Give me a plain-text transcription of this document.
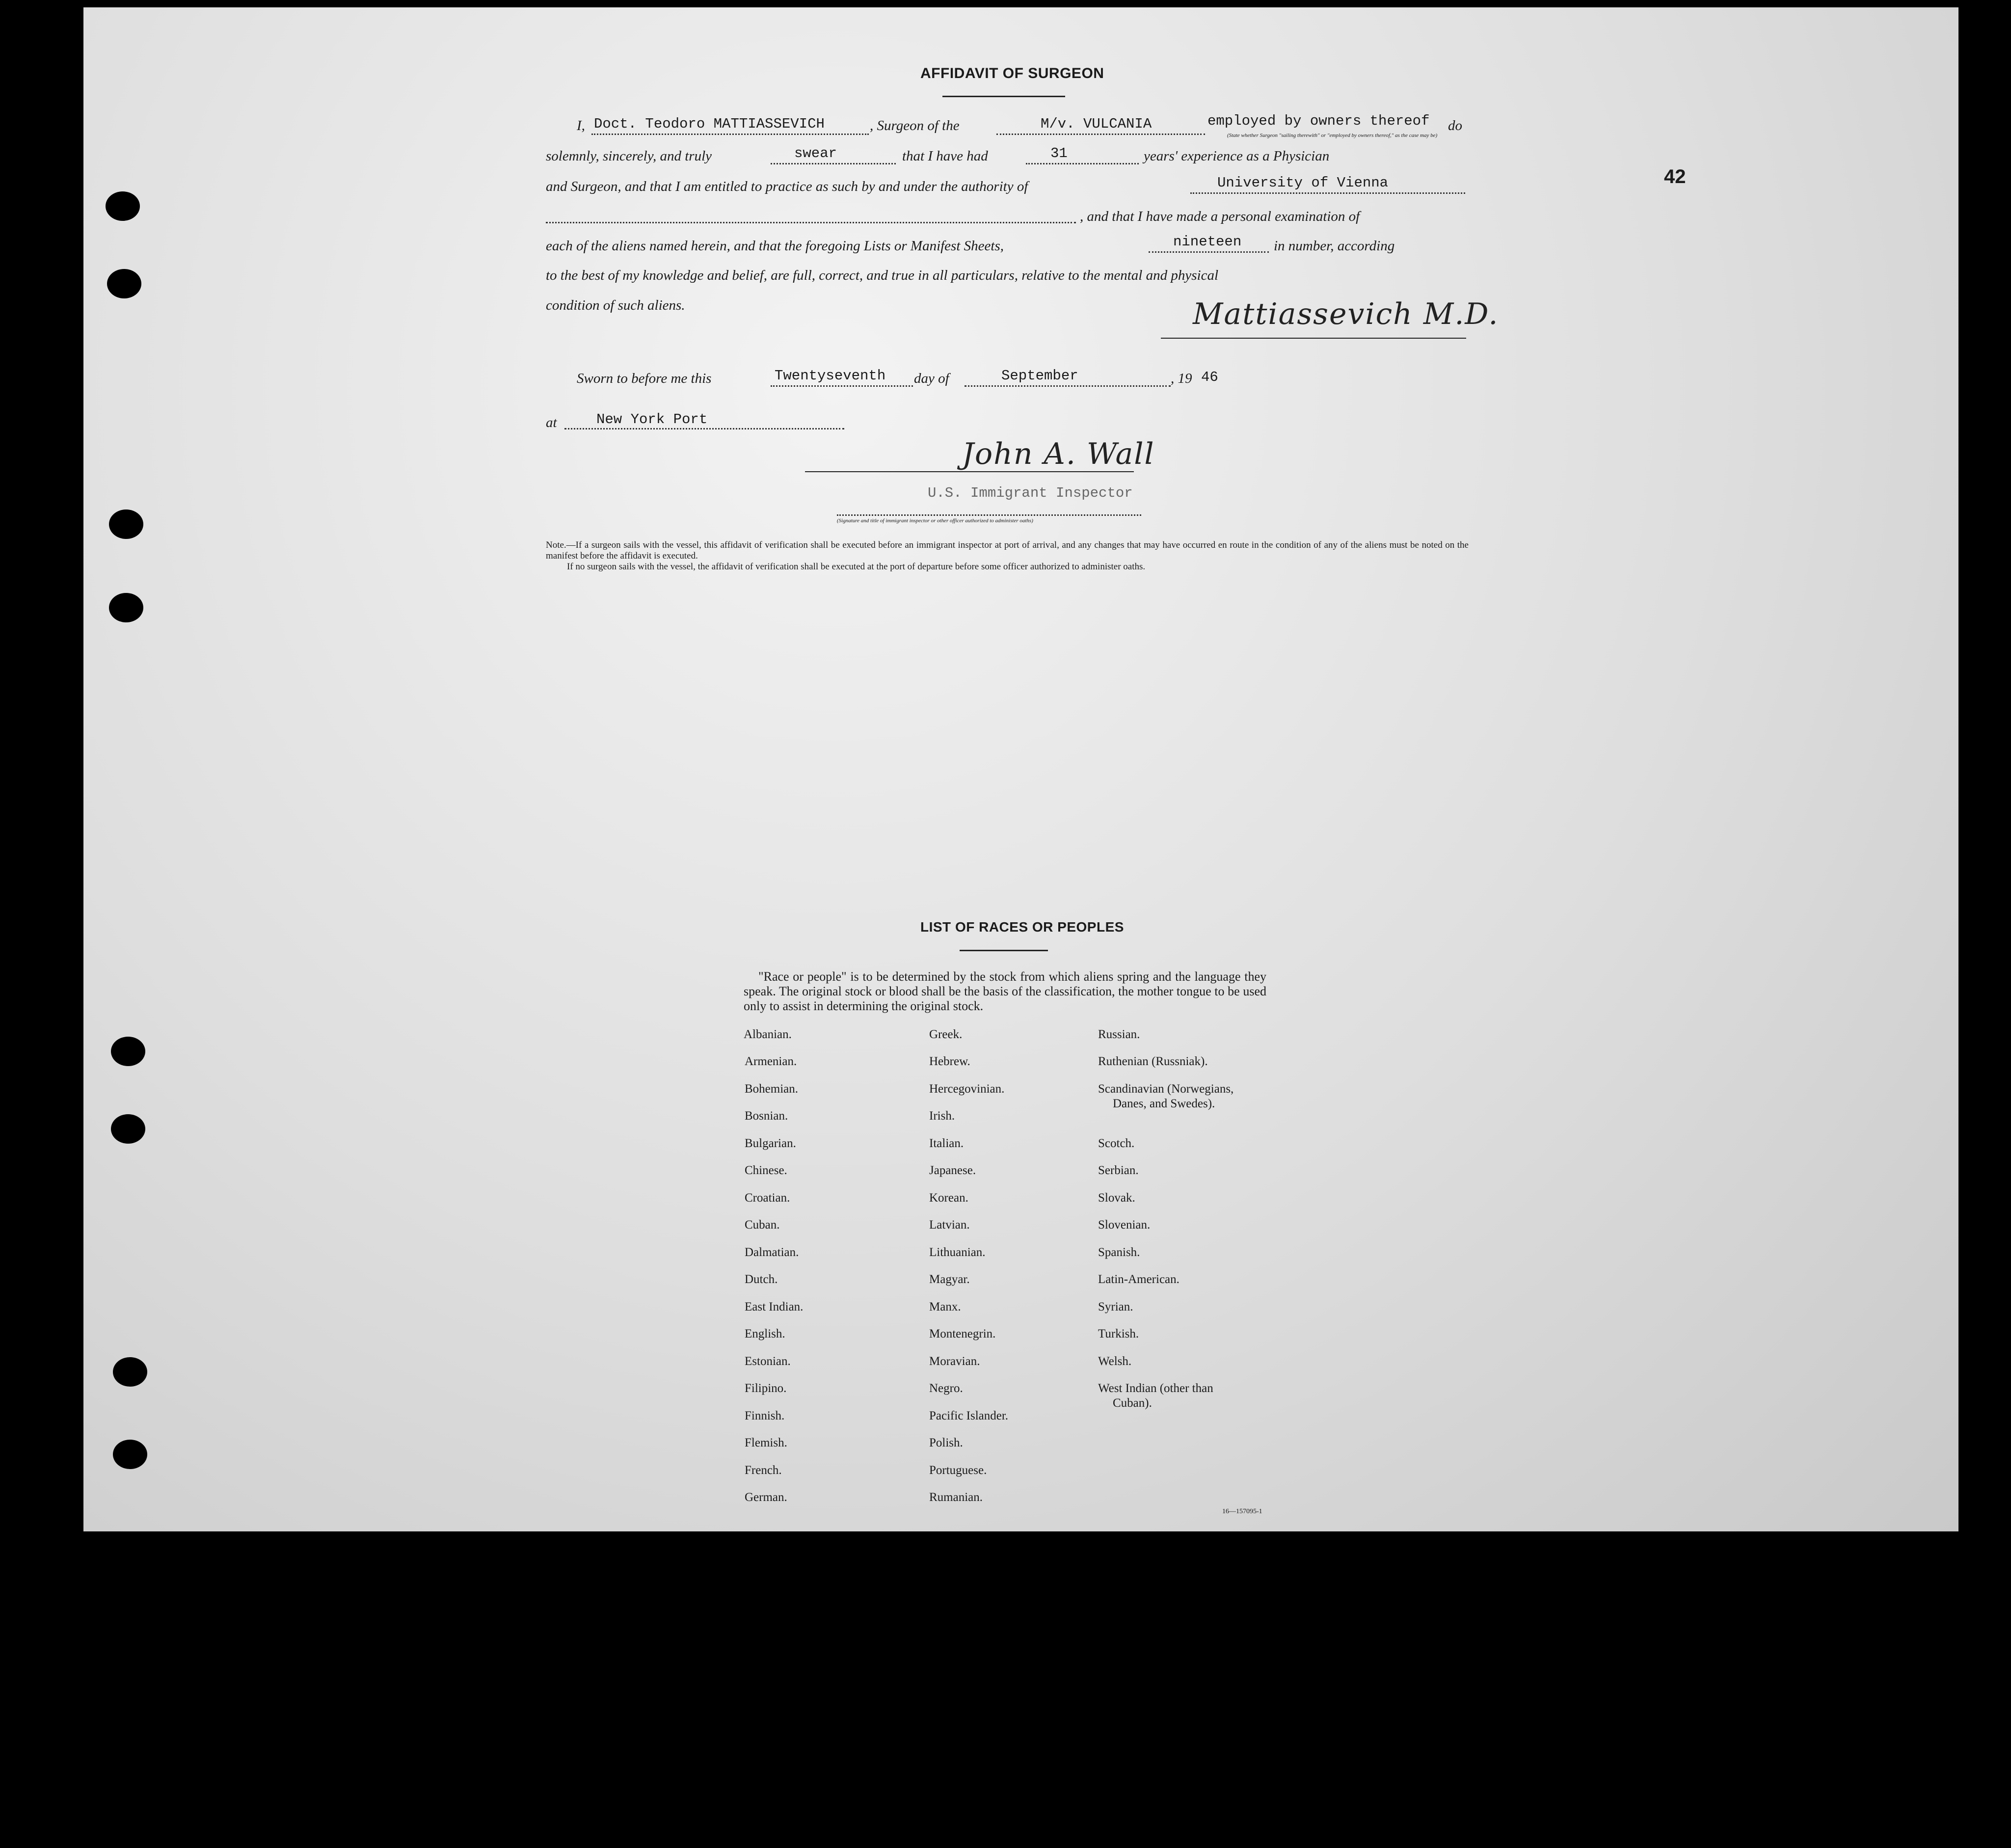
42
AFFIDAVIT OF SURGEON
I, Doct. Teodoro MATTIASSEVICH	, Surgeon of the	M/v. VULCANIA	employed by owners thereof do
(State whether Surgeon "sailing therewith" or "employed by owners thereof," as the case may be)
solemnly, sincerely, and truly	swear	that I have had	31	years' experience as a Physician
and Surgeon, and that I am entitled to practice as such by and under the authority of	University of Vienna
, and that I have made a personal examination of
each of the aliens named herein, and that the foregoing Lists or Manifest Sheets,	nineteen in number, according
to the best of my knowledge and belief, are full, correct, and true in all particulars, relative to the mental and physical
condition of such aliens.	Mattiassevich M.D.
Sworn to before me this	Twentyseventh day of	September	, 19 46
at	New York Port
John A. Wall
U.S. Immigrant Inspector
(Signature and title of immigrant inspector or other officer authorized to administer oaths)
Note.—If a surgeon sails with the vessel, this affidavit of verification shall be executed before an immigrant inspector at port of arrival, and any changes that may have occurred en route in the condition of any of the aliens must be noted on the manifest before the affidavit is executed.
If no surgeon sails with the vessel, the affidavit of verification shall be executed at the port of departure before some officer authorized to administer oaths.
LIST OF RACES OR PEOPLES
"Race or people" is to be determined by the stock from which aliens spring and the language they speak. The original stock or blood shall be the basis of the classification, the mother tongue to be used only to assist in determining the original stock.
Albanian.
Armenian.
Bohemian.
Bosnian.
Bulgarian.
Chinese.
Croatian.
Cuban.
Dalmatian.
Dutch.
East Indian.
English.
Estonian.
Filipino.
Finnish.
Flemish.
French.
German.
Greek.
Hebrew.
Hercegovinian.
Irish.
Italian.
Japanese.
Korean.
Latvian.
Lithuanian.
Magyar.
Manx.
Montenegrin.
Moravian.
Negro.
Pacific Islander.
Polish.
Portuguese.
Rumanian.
Russian.
Ruthenian (Russniak).
Scandinavian (Norwegians,
Danes, and Swedes).
Scotch.
Serbian.
Slovak.
Slovenian.
Spanish.
Latin-American.
Syrian.
Turkish.
Welsh.
West Indian (other than
Cuban).
16—157095-1
